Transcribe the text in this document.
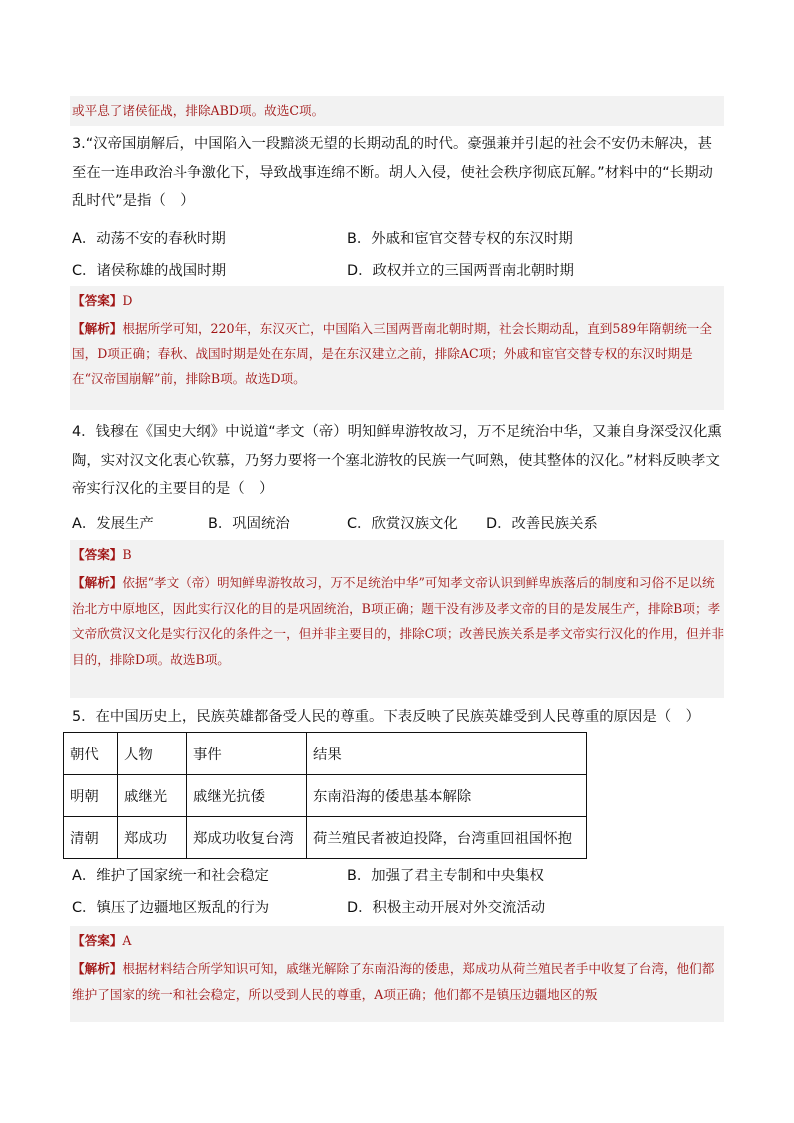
或平息了诸侯征战，排除ABD项。故选C项。
3.“汉帝国崩解后，中国陷入一段黯淡无望的长期动乱的时代。豪强兼并引起的社会不安仍未解决，甚至在一连串政治斗争激化下，导致战事连绵不断。胡人入侵，使社会秩序彻底瓦解。”材料中的“长期动乱时代”是指（　）
A．动荡不安的春秋时期	B．外戚和宦官交替专权的东汉时期
C．诸侯称雄的战国时期	D．政权并立的三国两晋南北朝时期
【答案】D
【解析】根据所学可知，220年，东汉灭亡，中国陷入三国两晋南北朝时期，社会长期动乱，直到589年隋朝统一全国，D项正确；春秋、战国时期是处在东周，是在东汉建立之前，排除AC项；外戚和宦官交替专权的东汉时期是在“汉帝国崩解”前，排除B项。故选D项。
4．钱穆在《国史大纲》中说道“孝文（帝）明知鲜卑游牧故习，万不足统治中华，又兼自身深受汉化熏陶，实对汉文化衷心钦慕，乃努力要将一个塞北游牧的民族一气呵熟，使其整体的汉化。”材料反映孝文帝实行汉化的主要目的是（　）
A．发展生产	B．巩固统治	C．欣赏汉族文化 D．改善民族关系
【答案】B
【解析】依据“孝文（帝）明知鲜卑游牧故习，万不足统治中华”可知孝文帝认识到鲜卑族落后的制度和习俗不足以统治北方中原地区，因此实行汉化的目的是巩固统治，B项正确；题干没有涉及孝文帝的目的是发展生产，排除B项；孝文帝欣赏汉文化是实行汉化的条件之一，但并非主要目的，排除C项；改善民族关系是孝文帝实行汉化的作用，但并非目的，排除D项。故选B项。
5．在中国历史上，民族英雄都备受人民的尊重。下表反映了民族英雄受到人民尊重的原因是（　）
朝代	人物	事件	结果
明朝	戚继光	戚继光抗倭	东南沿海的倭患基本解除
清朝	郑成功	郑成功收复台湾	荷兰殖民者被迫投降，台湾重回祖国怀抱
A．维护了国家统一和社会稳定	B．加强了君主专制和中央集权
C．镇压了边疆地区叛乱的行为	D．积极主动开展对外交流活动
【答案】A
【解析】根据材料结合所学知识可知，戚继光解除了东南沿海的倭患，郑成功从荷兰殖民者手中收复了台湾，他们都维护了国家的统一和社会稳定，所以受到人民的尊重，A项正确；他们都不是镇压边疆地区的叛
